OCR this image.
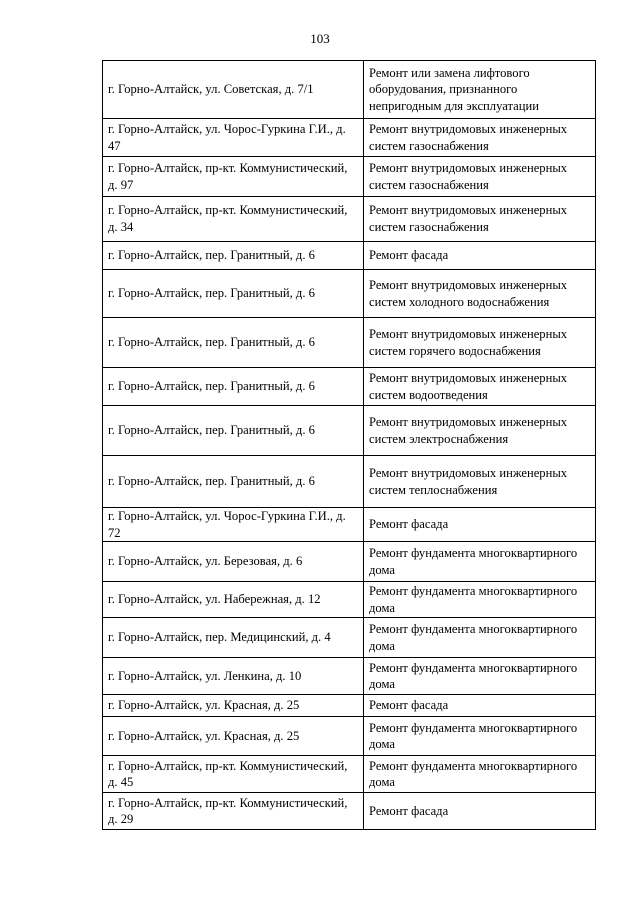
103
г. Горно-Алтайск, ул. Советская, д. 7/1	Ремонт или замена лифтового оборудования, признанного непригодным для эксплуатации
г. Горно-Алтайск, ул. Чорос-Гуркина Г.И., д. 47	Ремонт внутридомовых инженерных систем газоснабжения
г. Горно-Алтайск, пр-кт. Коммунистический, д. 97	Ремонт внутридомовых инженерных систем газоснабжения
г. Горно-Алтайск, пр-кт. Коммунистический, д. 34	Ремонт внутридомовых инженерных систем газоснабжения
г. Горно-Алтайск, пер. Гранитный, д. 6	Ремонт фасада
г. Горно-Алтайск, пер. Гранитный, д. 6	Ремонт внутридомовых инженерных систем холодного водоснабжения
г. Горно-Алтайск, пер. Гранитный, д. 6	Ремонт внутридомовых инженерных систем горячего водоснабжения
г. Горно-Алтайск, пер. Гранитный, д. 6	Ремонт внутридомовых инженерных систем водоотведения
г. Горно-Алтайск, пер. Гранитный, д. 6	Ремонт внутридомовых инженерных систем электроснабжения
г. Горно-Алтайск, пер. Гранитный, д. 6	Ремонт внутридомовых инженерных систем теплоснабжения
г. Горно-Алтайск, ул. Чорос-Гуркина Г.И., д. 72	Ремонт фасада
г. Горно-Алтайск, ул. Березовая, д. 6	Ремонт фундамента многоквартирного дома
г. Горно-Алтайск, ул. Набережная, д. 12	Ремонт фундамента многоквартирного дома
г. Горно-Алтайск, пер. Медицинский, д. 4	Ремонт фундамента многоквартирного дома
г. Горно-Алтайск, ул. Ленкина, д. 10	Ремонт фундамента многоквартирного дома
г. Горно-Алтайск, ул. Красная, д. 25	Ремонт фасада
г. Горно-Алтайск, ул. Красная, д. 25	Ремонт фундамента многоквартирного дома
г. Горно-Алтайск, пр-кт. Коммунистический, д. 45	Ремонт фундамента многоквартирного дома
г. Горно-Алтайск, пр-кт. Коммунистический, д. 29	Ремонт фасада
